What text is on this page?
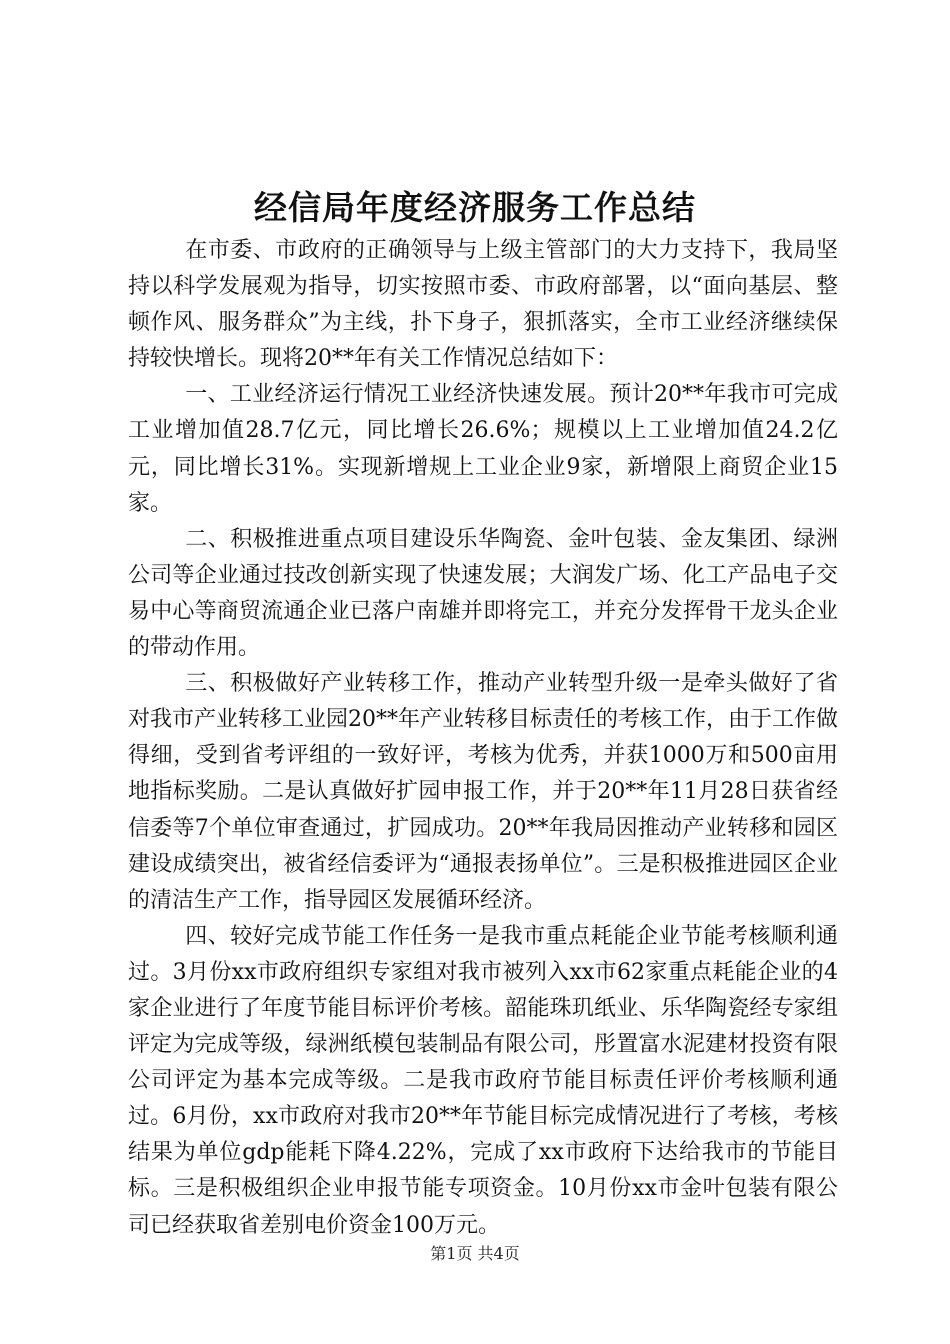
经信局年度经济服务工作总结

在市委、市政府的正确领导与上级主管部门的大力支持下，我局坚持以科学发展观为指导，切实按照市委、市政府部署，以“面向基层、整顿作风、服务群众”为主线，扑下身子，狠抓落实，全市工业经济继续保持较快增长。现将20**年有关工作情况总结如下：

一、工业经济运行情况工业经济快速发展。预计20**年我市可完成工业增加值28.7亿元，同比增长26.6%；规模以上工业增加值24.2亿元，同比增长31%。实现新增规上工业企业9家，新增限上商贸企业15家。

二、积极推进重点项目建设乐华陶瓷、金叶包装、金友集团、绿洲公司等企业通过技改创新实现了快速发展；大润发广场、化工产品电子交易中心等商贸流通企业已落户南雄并即将完工，并充分发挥骨干龙头企业的带动作用。

三、积极做好产业转移工作，推动产业转型升级一是牵头做好了省对我市产业转移工业园20**年产业转移目标责任的考核工作，由于工作做得细，受到省考评组的一致好评，考核为优秀，并获1000万和500亩用地指标奖励。二是认真做好扩园申报工作，并于20**年11月28日获省经信委等7个单位审查通过，扩园成功。20**年我局因推动产业转移和园区建设成绩突出，被省经信委评为“通报表扬单位”。三是积极推进园区企业的清洁生产工作，指导园区发展循环经济。

四、较好完成节能工作任务一是我市重点耗能企业节能考核顺利通过。3月份xx市政府组织专家组对我市被列入xx市62家重点耗能企业的4家企业进行了年度节能目标评价考核。韶能珠玑纸业、乐华陶瓷经专家组评定为完成等级，绿洲纸模包装制品有限公司，彤置富水泥建材投资有限公司评定为基本完成等级。二是我市政府节能目标责任评价考核顺利通过。6月份，xx市政府对我市20**年节能目标完成情况进行了考核，考核结果为单位gdp能耗下降4.22%，完成了xx市政府下达给我市的节能目标。三是积极组织企业申报节能专项资金。10月份xx市金叶包装有限公司已经获取省差别电价资金100万元。

第1页 共4页
